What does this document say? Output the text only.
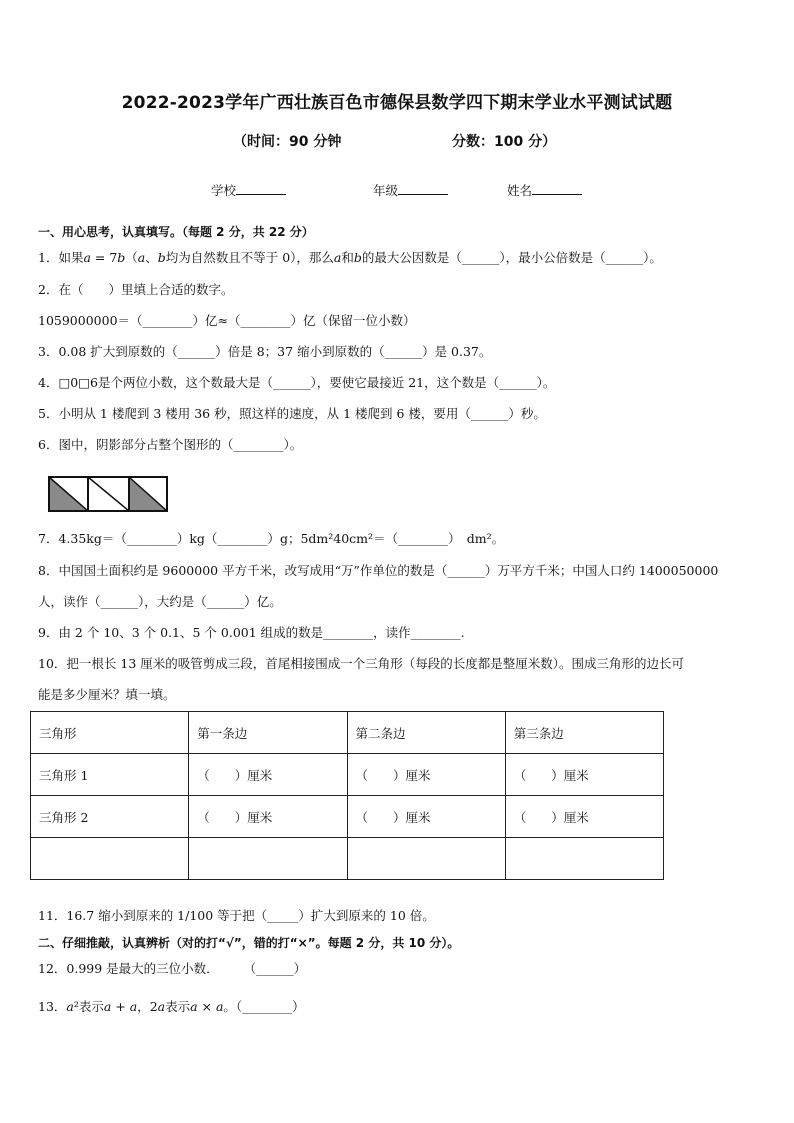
2022-2023学年广西壮族百色市德保县数学四下期末学业水平测试试题
（时间：90 分钟	分数：100 分）
学校	年级	姓名
一、用心思考，认真填写。（每题 2 分，共 22 分）
1．如果𝑎 = 7𝑏（𝑎、𝑏均为自然数且不等于 0），那么𝑎和𝑏的最大公因数是（______），最小公倍数是（______）。
2．在（　　）里填上合适的数字。
1059000000＝（________）亿≈（________）亿（保留一位小数）
3．0.08 扩大到原数的（______）倍是 8；37 缩小到原数的（______）是 0.37。
4．□0□6是个两位小数，这个数最大是（______），要使它最接近 21，这个数是（______）。
5．小明从 1 楼爬到 3 楼用 36 秒，照这样的速度，从 1 楼爬到 6 楼，要用（______）秒。
6．图中，阴影部分占整个图形的（________）。
7．4.35kg＝（________）kg（________）g；5dm²40cm²＝（________）　dm²。
8．中国国土面积约是 9600000 平方千米，改写成用“万”作单位的数是（______）万平方千米；中国人口约 1400050000
人，读作（______），大约是（______）亿。
9．由 2 个 10、3 个 0.1、5 个 0.001 组成的数是________，读作________.
10．把一根长 13 厘米的吸管剪成三段，首尾相接围成一个三角形（每段的长度都是整厘米数）。围成三角形的边长可
能是多少厘米？填一填。
三角形	第一条边	第二条边	第三条边
三角形 1	（　　）厘米	（　　）厘米	（　　）厘米
三角形 2	（　　）厘米	（　　）厘米	（　　）厘米

11．16.7 缩小到原来的 1/100 等于把（_____）扩大到原来的 10 倍。
二、仔细推敲，认真辨析（对的打“√”，错的打“×”。每题 2 分，共 10 分）。
12．0.999 是最大的三位小数．　　　（______）
13．𝑎²表示𝑎 + 𝑎，2𝑎表示𝑎 × 𝑎。（________）
